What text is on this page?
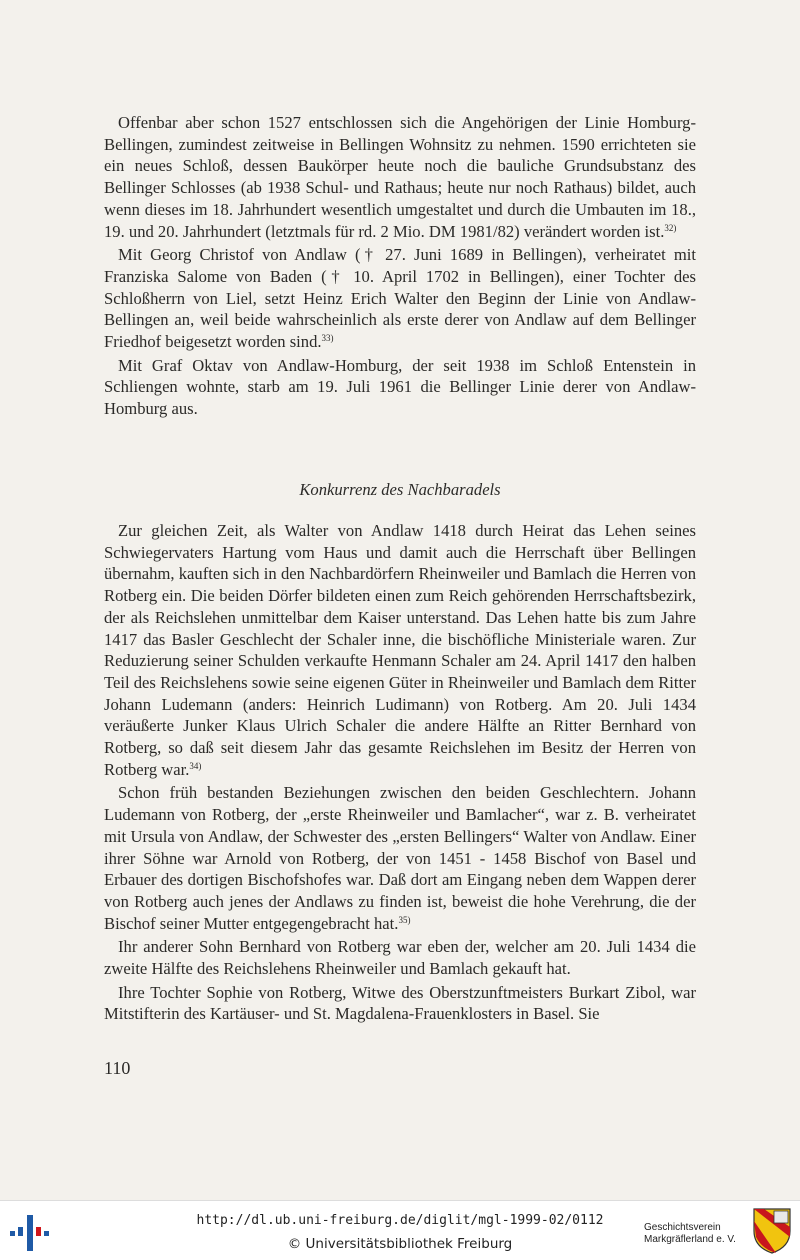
Offenbar aber schon 1527 entschlossen sich die Angehörigen der Linie Homburg-Bellingen, zumindest zeitweise in Bellingen Wohnsitz zu nehmen. 1590 errichteten sie ein neues Schloß, dessen Baukörper heute noch die bauliche Grundsubstanz des Bellinger Schlosses (ab 1938 Schul- und Rathaus; heute nur noch Rathaus) bildet, auch wenn dieses im 18. Jahrhundert wesentlich umgestaltet und durch die Umbauten im 18., 19. und 20. Jahrhundert (letztmals für rd. 2 Mio. DM 1981/82) verändert worden ist.$^{32)}$

Mit Georg Christof von Andlaw († 27. Juni 1689 in Bellingen), verheiratet mit Franziska Salome von Baden († 10. April 1702 in Bellingen), einer Tochter des Schloßherrn von Liel, setzt Heinz Erich Walter den Beginn der Linie von Andlaw-Bellingen an, weil beide wahrscheinlich als erste derer von Andlaw auf dem Bellinger Friedhof beigesetzt worden sind.$^{33)}$

Mit Graf Oktav von Andlaw-Homburg, der seit 1938 im Schloß Entenstein in Schliengen wohnte, starb am 19. Juli 1961 die Bellinger Linie derer von Andlaw-Homburg aus.

Konkurrenz des Nachbaradels

Zur gleichen Zeit, als Walter von Andlaw 1418 durch Heirat das Lehen seines Schwiegervaters Hartung vom Haus und damit auch die Herrschaft über Bellingen übernahm, kauften sich in den Nachbardörfern Rheinweiler und Bamlach die Herren von Rotberg ein. Die beiden Dörfer bildeten einen zum Reich gehörenden Herrschaftsbezirk, der als Reichslehen unmittelbar dem Kaiser unterstand. Das Lehen hatte bis zum Jahre 1417 das Basler Geschlecht der Schaler inne, die bischöfliche Ministeriale waren. Zur Reduzierung seiner Schulden verkaufte Henmann Schaler am 24. April 1417 den halben Teil des Reichslehens sowie seine eigenen Güter in Rheinweiler und Bamlach dem Ritter Johann Ludemann (anders: Heinrich Ludimann) von Rotberg. Am 20. Juli 1434 veräußerte Junker Klaus Ulrich Schaler die andere Hälfte an Ritter Bernhard von Rotberg, so daß seit diesem Jahr das gesamte Reichslehen im Besitz der Herren von Rotberg war.$^{34)}$

Schon früh bestanden Beziehungen zwischen den beiden Geschlechtern. Johann Ludemann von Rotberg, der „erste Rheinweiler und Bamlacher“, war z. B. verheiratet mit Ursula von Andlaw, der Schwester des „ersten Bellingers“ Walter von Andlaw. Einer ihrer Söhne war Arnold von Rotberg, der von 1451 - 1458 Bischof von Basel und Erbauer des dortigen Bischofshofes war. Daß dort am Eingang neben dem Wappen derer von Rotberg auch jenes der Andlaws zu finden ist, beweist die hohe Verehrung, die der Bischof seiner Mutter entgegengebracht hat.$^{35)}$

Ihr anderer Sohn Bernhard von Rotberg war eben der, welcher am 20. Juli 1434 die zweite Hälfte des Reichslehens Rheinweiler und Bamlach gekauft hat.

Ihre Tochter Sophie von Rotberg, Witwe des Oberstzunftmeisters Burkart Zibol, war Mitstifterin des Kartäuser- und St. Magdalena-Frauenklosters in Basel. Sie

110
http://dl.ub.uni-freiburg.de/diglit/mgl-1999-02/0112
© Universitätsbibliothek Freiburg
Geschichtsverein
Markgräflerland e. V.
